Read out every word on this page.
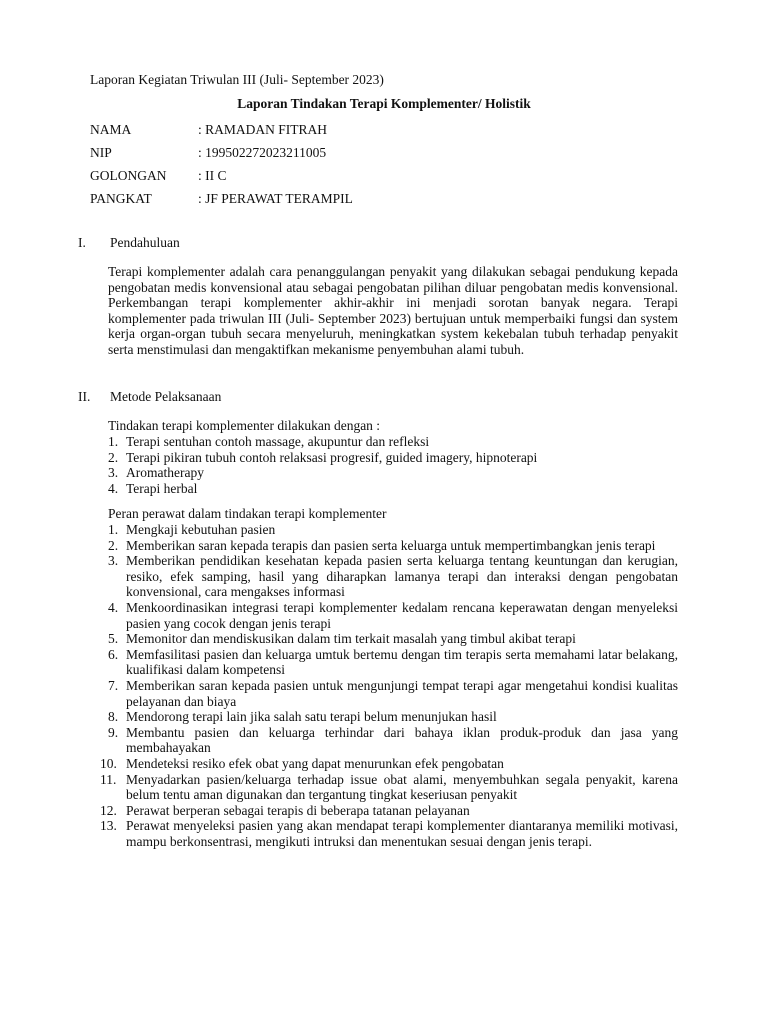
Laporan Kegiatan Triwulan III (Juli- September 2023)
Laporan Tindakan Terapi Komplementer/ Holistik
NAMA	: RAMADAN FITRAH
NIP	: 199502272023211005
GOLONGAN	: II C
PANGKAT	: JF PERAWAT TERAMPIL
I.	Pendahuluan
Terapi komplementer adalah cara penanggulangan penyakit yang dilakukan sebagai pendukung kepada pengobatan medis konvensional atau sebagai pengobatan pilihan diluar pengobatan medis konvensional. Perkembangan terapi komplementer akhir-akhir ini menjadi sorotan banyak negara. Terapi komplementer pada triwulan III (Juli- September 2023) bertujuan untuk memperbaiki fungsi dan system kerja organ-organ tubuh secara menyeluruh, meningkatkan system kekebalan tubuh terhadap penyakit serta menstimulasi dan mengaktifkan mekanisme penyembuhan alami tubuh.
II.	Metode Pelaksanaan
Tindakan terapi komplementer dilakukan dengan :
1. Terapi sentuhan contoh massage, akupuntur dan refleksi
2. Terapi pikiran tubuh contoh relaksasi progresif, guided imagery, hipnoterapi
3. Aromatherapy
4. Terapi herbal
Peran perawat dalam tindakan terapi komplementer
1. Mengkaji kebutuhan pasien
2. Memberikan saran kepada terapis dan pasien serta keluarga untuk mempertimbangkan jenis terapi
3. Memberikan pendidikan kesehatan kepada pasien serta keluarga tentang keuntungan dan kerugian, resiko, efek samping, hasil yang diharapkan lamanya terapi dan interaksi dengan pengobatan konvensional, cara mengakses informasi
4. Menkoordinasikan integrasi terapi komplementer kedalam rencana keperawatan dengan menyeleksi pasien yang cocok dengan jenis terapi
5. Memonitor dan mendiskusikan dalam tim terkait masalah yang timbul akibat terapi
6. Memfasilitasi pasien dan keluarga umtuk bertemu dengan tim terapis serta memahami latar belakang, kualifikasi dalam kompetensi
7. Memberikan saran kepada pasien untuk mengunjungi tempat terapi agar mengetahui kondisi kualitas pelayanan dan biaya
8. Mendorong terapi lain jika salah satu terapi belum menunjukan hasil
9. Membantu pasien dan keluarga terhindar dari bahaya iklan produk-produk dan jasa yang membahayakan
10. Mendeteksi resiko efek obat yang dapat menurunkan efek pengobatan
11. Menyadarkan pasien/keluarga terhadap issue obat alami, menyembuhkan segala penyakit, karena belum tentu aman digunakan dan tergantung tingkat keseriusan penyakit
12. Perawat berperan sebagai terapis di beberapa tatanan pelayanan
13. Perawat menyeleksi pasien yang akan mendapat terapi komplementer diantaranya memiliki motivasi, mampu berkonsentrasi, mengikuti intruksi dan menentukan sesuai dengan jenis terapi.
